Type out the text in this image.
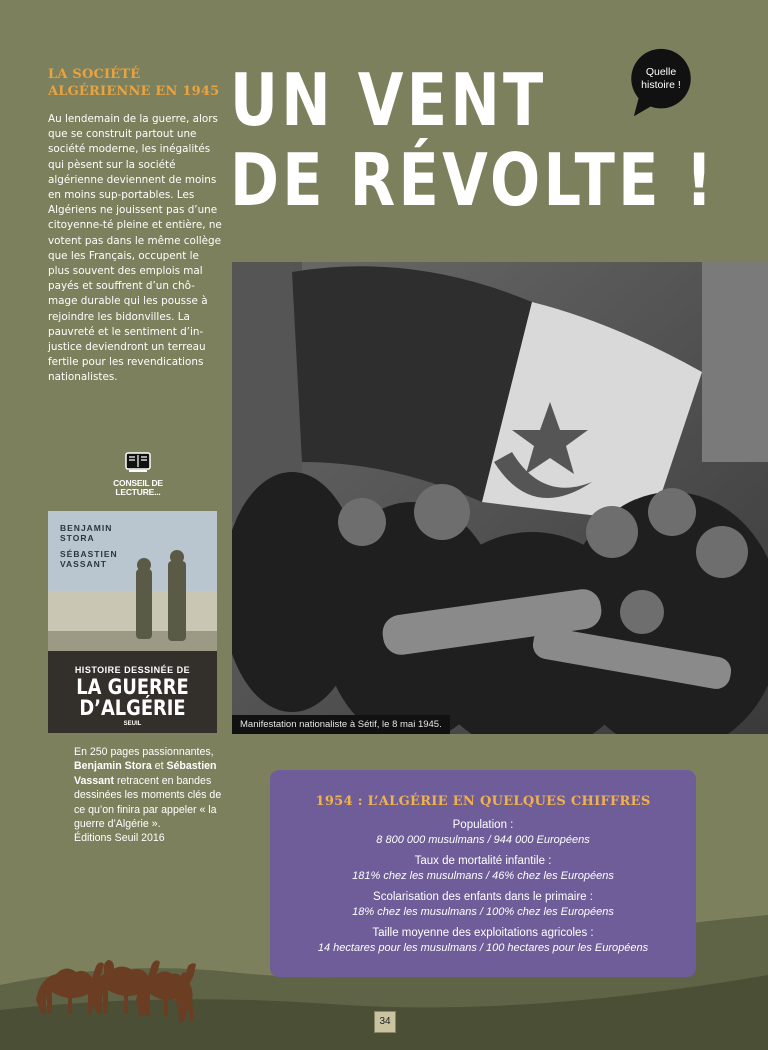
LA SOCIÉTÉ
ALGÉRIENNE EN 1945
Au lendemain de la guerre, alors que se construit partout une société moderne, les inégalités qui pèsent sur la société algérienne deviennent de moins en moins sup-portables. Les Algériens ne jouissent pas d’une citoyenne-té pleine et entière, ne votent pas dans le même collège que les Français, occupent le plus souvent des emplois mal payés et souffrent d’un chô-mage durable qui les pousse à rejoindre les bidonvilles. La pauvreté et le sentiment d’in-justice deviendront un terreau fertile pour les revendications nationalistes.
UN VENT
DE RÉVOLTE !
Quelle
histoire !
Manifestation nationaliste à Sétif, le 8 mai 1945.
CONSEIL DE
LECTURE...
BENJAMIN
STORA
SÉBASTIEN
VASSANT
HISTOIRE DESSINÉE DE
LA GUERRE
D’ALGÉRIE
SEUIL
En 250 pages passionnantes, Benjamin Stora et Sébastien Vassant retracent en bandes dessinées les moments clés de ce qu’on finira par appeler « la guerre d’Algérie ».
Éditions Seuil 2016
1954 : L’ALGÉRIE EN QUELQUES CHIFFRES
Population :
8 800 000 musulmans / 944 000 Européens
Taux de mortalité infantile :
181% chez les musulmans / 46% chez les Européens
Scolarisation des enfants dans le primaire :
18% chez les musulmans / 100% chez les Européens
Taille moyenne des exploitations agricoles :
14 hectares pour les musulmans / 100 hectares pour les Européens
34
